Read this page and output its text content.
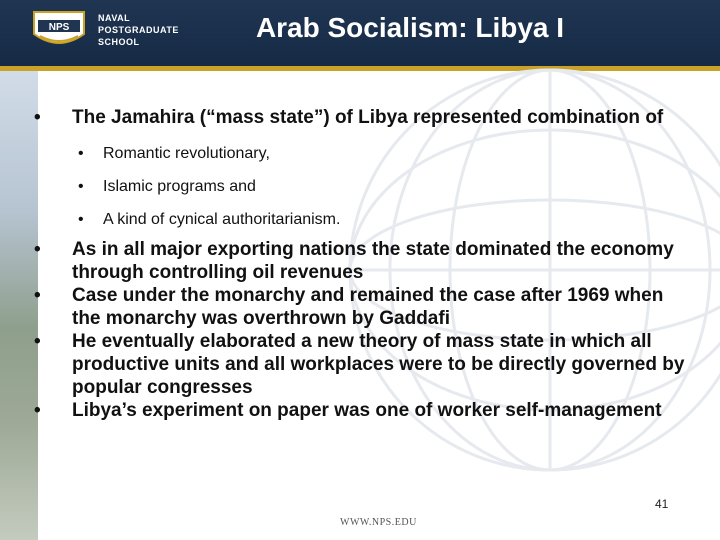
NPS
NAVAL
POSTGRADUATE
SCHOOL	Arab Socialism: Libya I
• The Jamahira (“mass state”) of Libya represented combination of
• Romantic revolutionary,
• Islamic programs and
• A kind of cynical authoritarianism.
• As in all major exporting nations the state dominated the economy through controlling oil revenues
• Case under the monarchy and remained the case after 1969 when the monarchy was overthrown by Gaddafi
• He eventually elaborated a new theory of mass state in which all productive units and all workplaces were to be directly governed by popular congresses
• Libya’s experiment on paper was one of worker self-management
41
WWW.NPS.EDU
